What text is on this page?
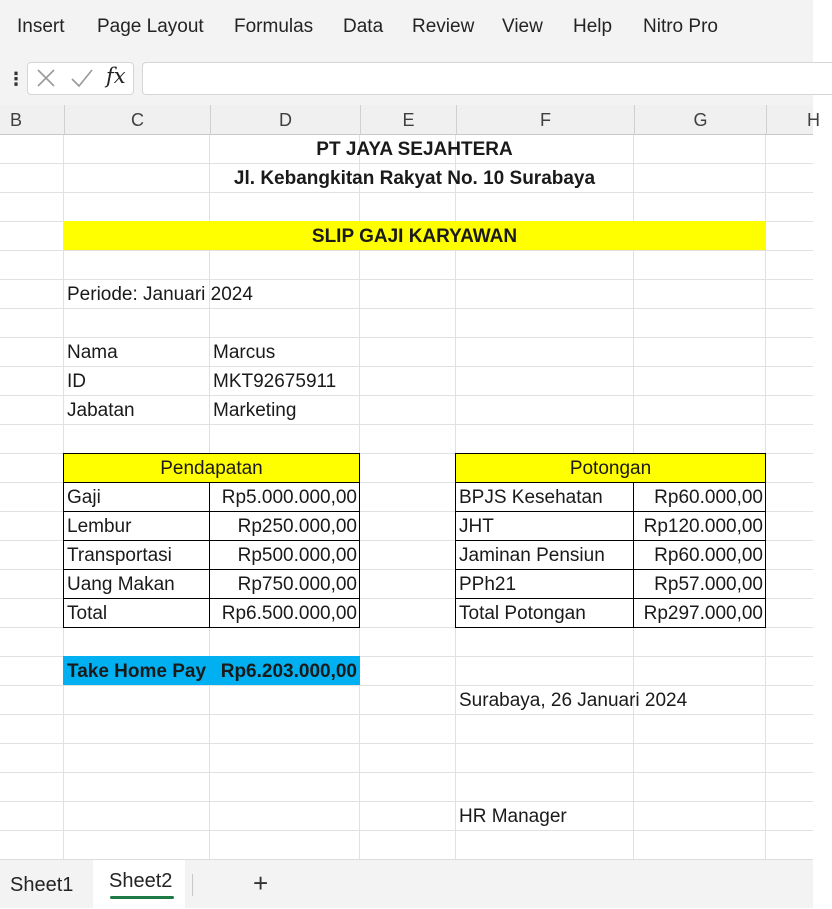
Insert Page Layout Formulas Data Review View Help Nitro Pro
⋮	fx
B	C	D	E	F	G	H
PT JAYA SEJAHTERA
Jl. Kebangkitan Rakyat No. 10 Surabaya
SLIP GAJI KARYAWAN
Periode: Januari 2024
Nama	Marcus
ID	MKT92675911
Jabatan	Marketing
Pendapatan
Gaji	Rp5.000.000,00
Lembur	Rp250.000,00
Transportasi	Rp500.000,00
Uang Makan	Rp750.000,00
Total	Rp6.500.000,00
Potongan
BPJS Kesehatan	Rp60.000,00
JHT	Rp120.000,00
Jaminan Pensiun	Rp60.000,00
PPh21	Rp57.000,00
Total Potongan	Rp297.000,00
Take Home Pay Rp6.203.000,00
Surabaya, 26 Januari 2024
HR Manager
Sheet1 Sheet2	+
